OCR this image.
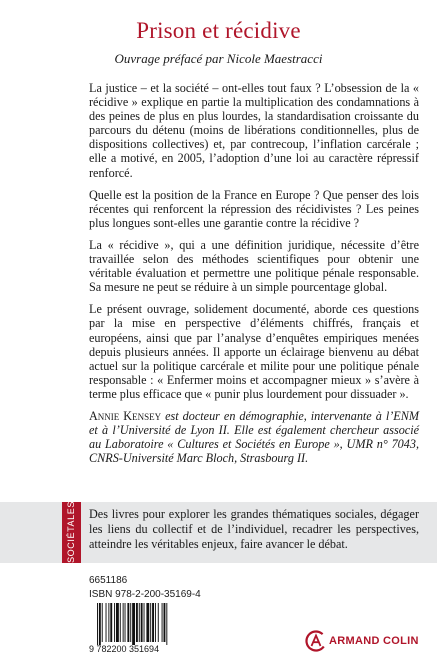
Prison et récidive
Ouvrage préfacé par Nicole Maestracci

La justice – et la société – ont-elles tout faux ? L’obsession de la « récidive » explique en partie la multiplication des condamnations à des peines de plus en plus lourdes, la standardisation croissante du parcours du détenu (moins de libérations conditionnelles, plus de dispositions collectives) et, par contrecoup, l’inflation carcérale ; elle a motivé, en 2005, l’adoption d’une loi au caractère répressif renforcé.

Quelle est la position de la France en Europe ? Que penser des lois récentes qui renforcent la répression des récidivistes ? Les peines plus longues sont-elles une garantie contre la récidive ?

La « récidive », qui a une définition juridique, nécessite d’être travaillée selon des méthodes scientifiques pour obtenir une véritable évaluation et permettre une politique pénale responsable. Sa mesure ne peut se réduire à un simple pourcentage global.

Le présent ouvrage, solidement documenté, aborde ces questions par la mise en perspective d’éléments chiffrés, français et européens, ainsi que par l’analyse d’enquêtes empiriques menées depuis plusieurs années. Il apporte un éclairage bienvenu au débat actuel sur la politique carcérale et milite pour une politique pénale responsable : « Enfermer moins et accompagner mieux » s’avère à terme plus efficace que « punir plus lourdement pour dissuader ».

Annie Kensey est docteur en démographie, intervenante à l’ENM et à l’Université de Lyon II. Elle est également chercheur associé au Laboratoire « Cultures et Sociétés en Europe », UMR n° 7043, CNRS-Université Marc Bloch, Strasbourg II.

SOCIÉTALES Des livres pour explorer les grandes thématiques sociales, dégager les liens du collectif et de l’individuel, recadrer les perspectives, atteindre les véritables enjeux, faire avancer le débat.
6651186
ISBN 978-2-200-35169-4
9 782200 351694
ARMAND COLIN
